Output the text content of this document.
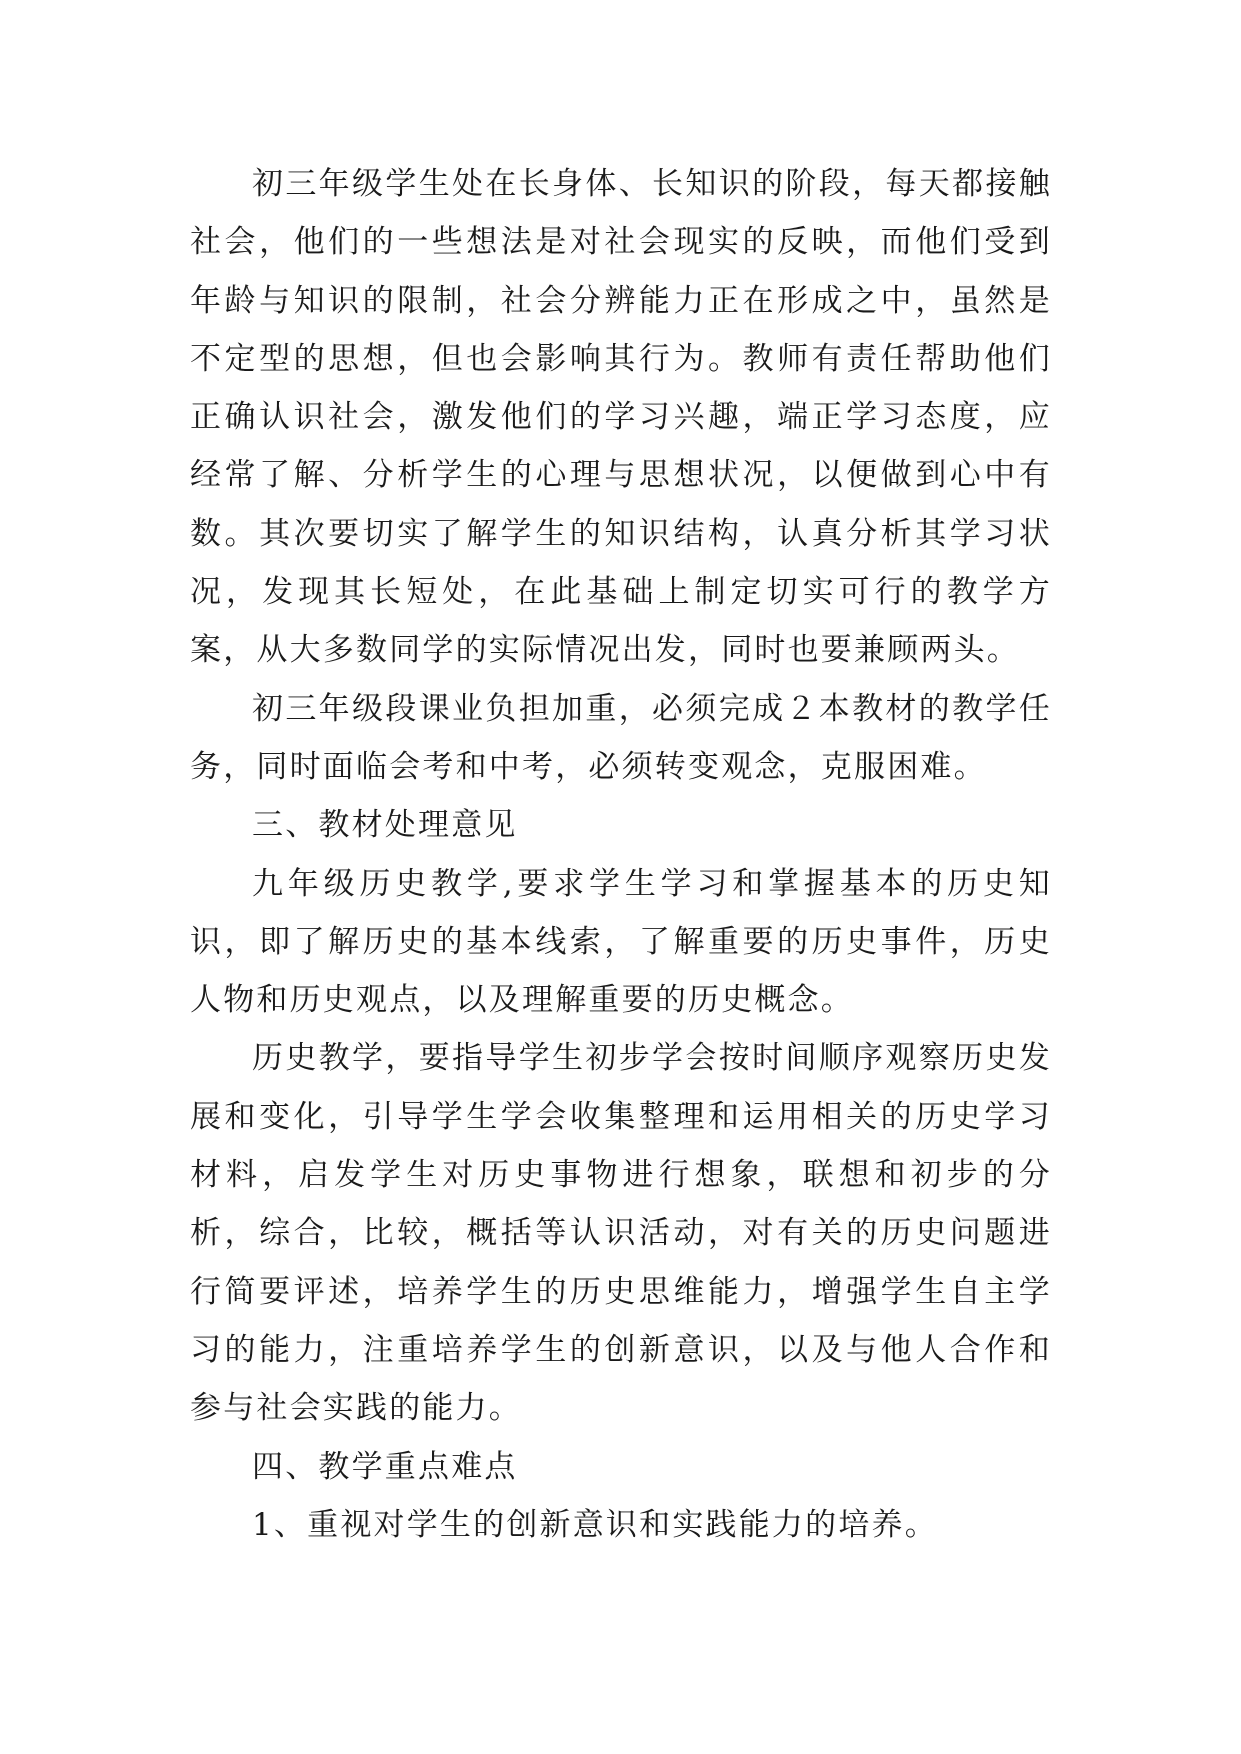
初三年级学生处在长身体、长知识的阶段，每天都接触社会，他们的一些想法是对社会现实的反映，而他们受到年龄与知识的限制，社会分辨能力正在形成之中，虽然是不定型的思想，但也会影响其行为。教师有责任帮助他们正确认识社会，激发他们的学习兴趣，端正学习态度，应经常了解、分析学生的心理与思想状况，以便做到心中有数。其次要切实了解学生的知识结构，认真分析其学习状况，发现其长短处，在此基础上制定切实可行的教学方案，从大多数同学的实际情况出发，同时也要兼顾两头。

初三年级段课业负担加重，必须完成２本教材的教学任务，同时面临会考和中考，必须转变观念，克服困难。

三、教材处理意见

九年级历史教学,要求学生学习和掌握基本的历史知识，即了解历史的基本线索，了解重要的历史事件，历史人物和历史观点，以及理解重要的历史概念。

历史教学，要指导学生初步学会按时间顺序观察历史发展和变化，引导学生学会收集整理和运用相关的历史学习材料，启发学生对历史事物进行想象，联想和初步的分析，综合，比较，概括等认识活动，对有关的历史问题进行简要评述，培养学生的历史思维能力，增强学生自主学习的能力，注重培养学生的创新意识，以及与他人合作和参与社会实践的能力。

四、教学重点难点

1、重视对学生的创新意识和实践能力的培养。
